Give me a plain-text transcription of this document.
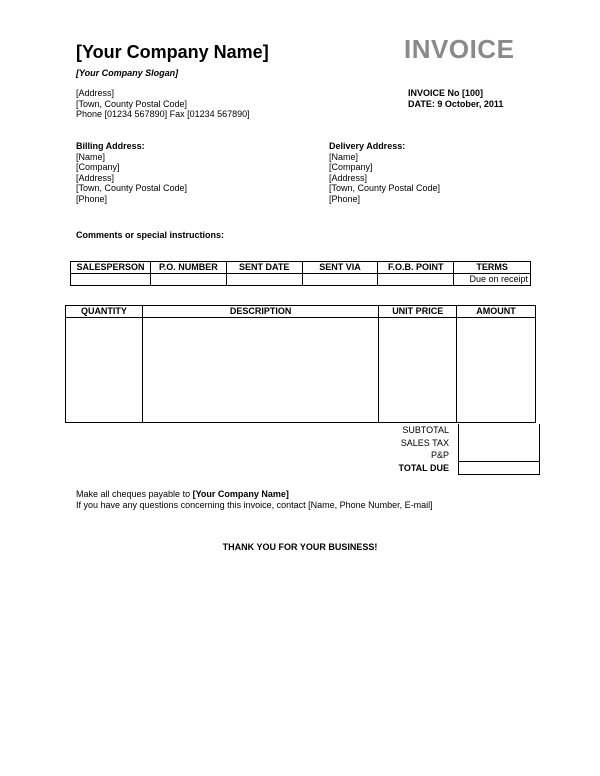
[Your Company Name]
[Your Company Slogan]
INVOICE
[Address]
[Town, County Postal Code]
Phone [01234 567890] Fax [01234 567890]
INVOICE No [100]
DATE: 9 October, 2011
Billing Address:
[Name]
[Company]
[Address]
[Town, County Postal Code]
[Phone]
Delivery Address:
[Name]
[Company]
[Address]
[Town, County Postal Code]
[Phone]
Comments or special instructions:
SALESPERSON	P.O. NUMBER	SENT DATE	SENT VIA	F.O.B. POINT	TERMS
					Due on receipt
QUANTITY	DESCRIPTION	UNIT PRICE	AMOUNT

SUBTOTAL	
SALES TAX	
P&P	
TOTAL DUE	
Make all cheques payable to [Your Company Name]
If you have any questions concerning this invoice, contact [Name, Phone Number, E-mail]
THANK YOU FOR YOUR BUSINESS!
